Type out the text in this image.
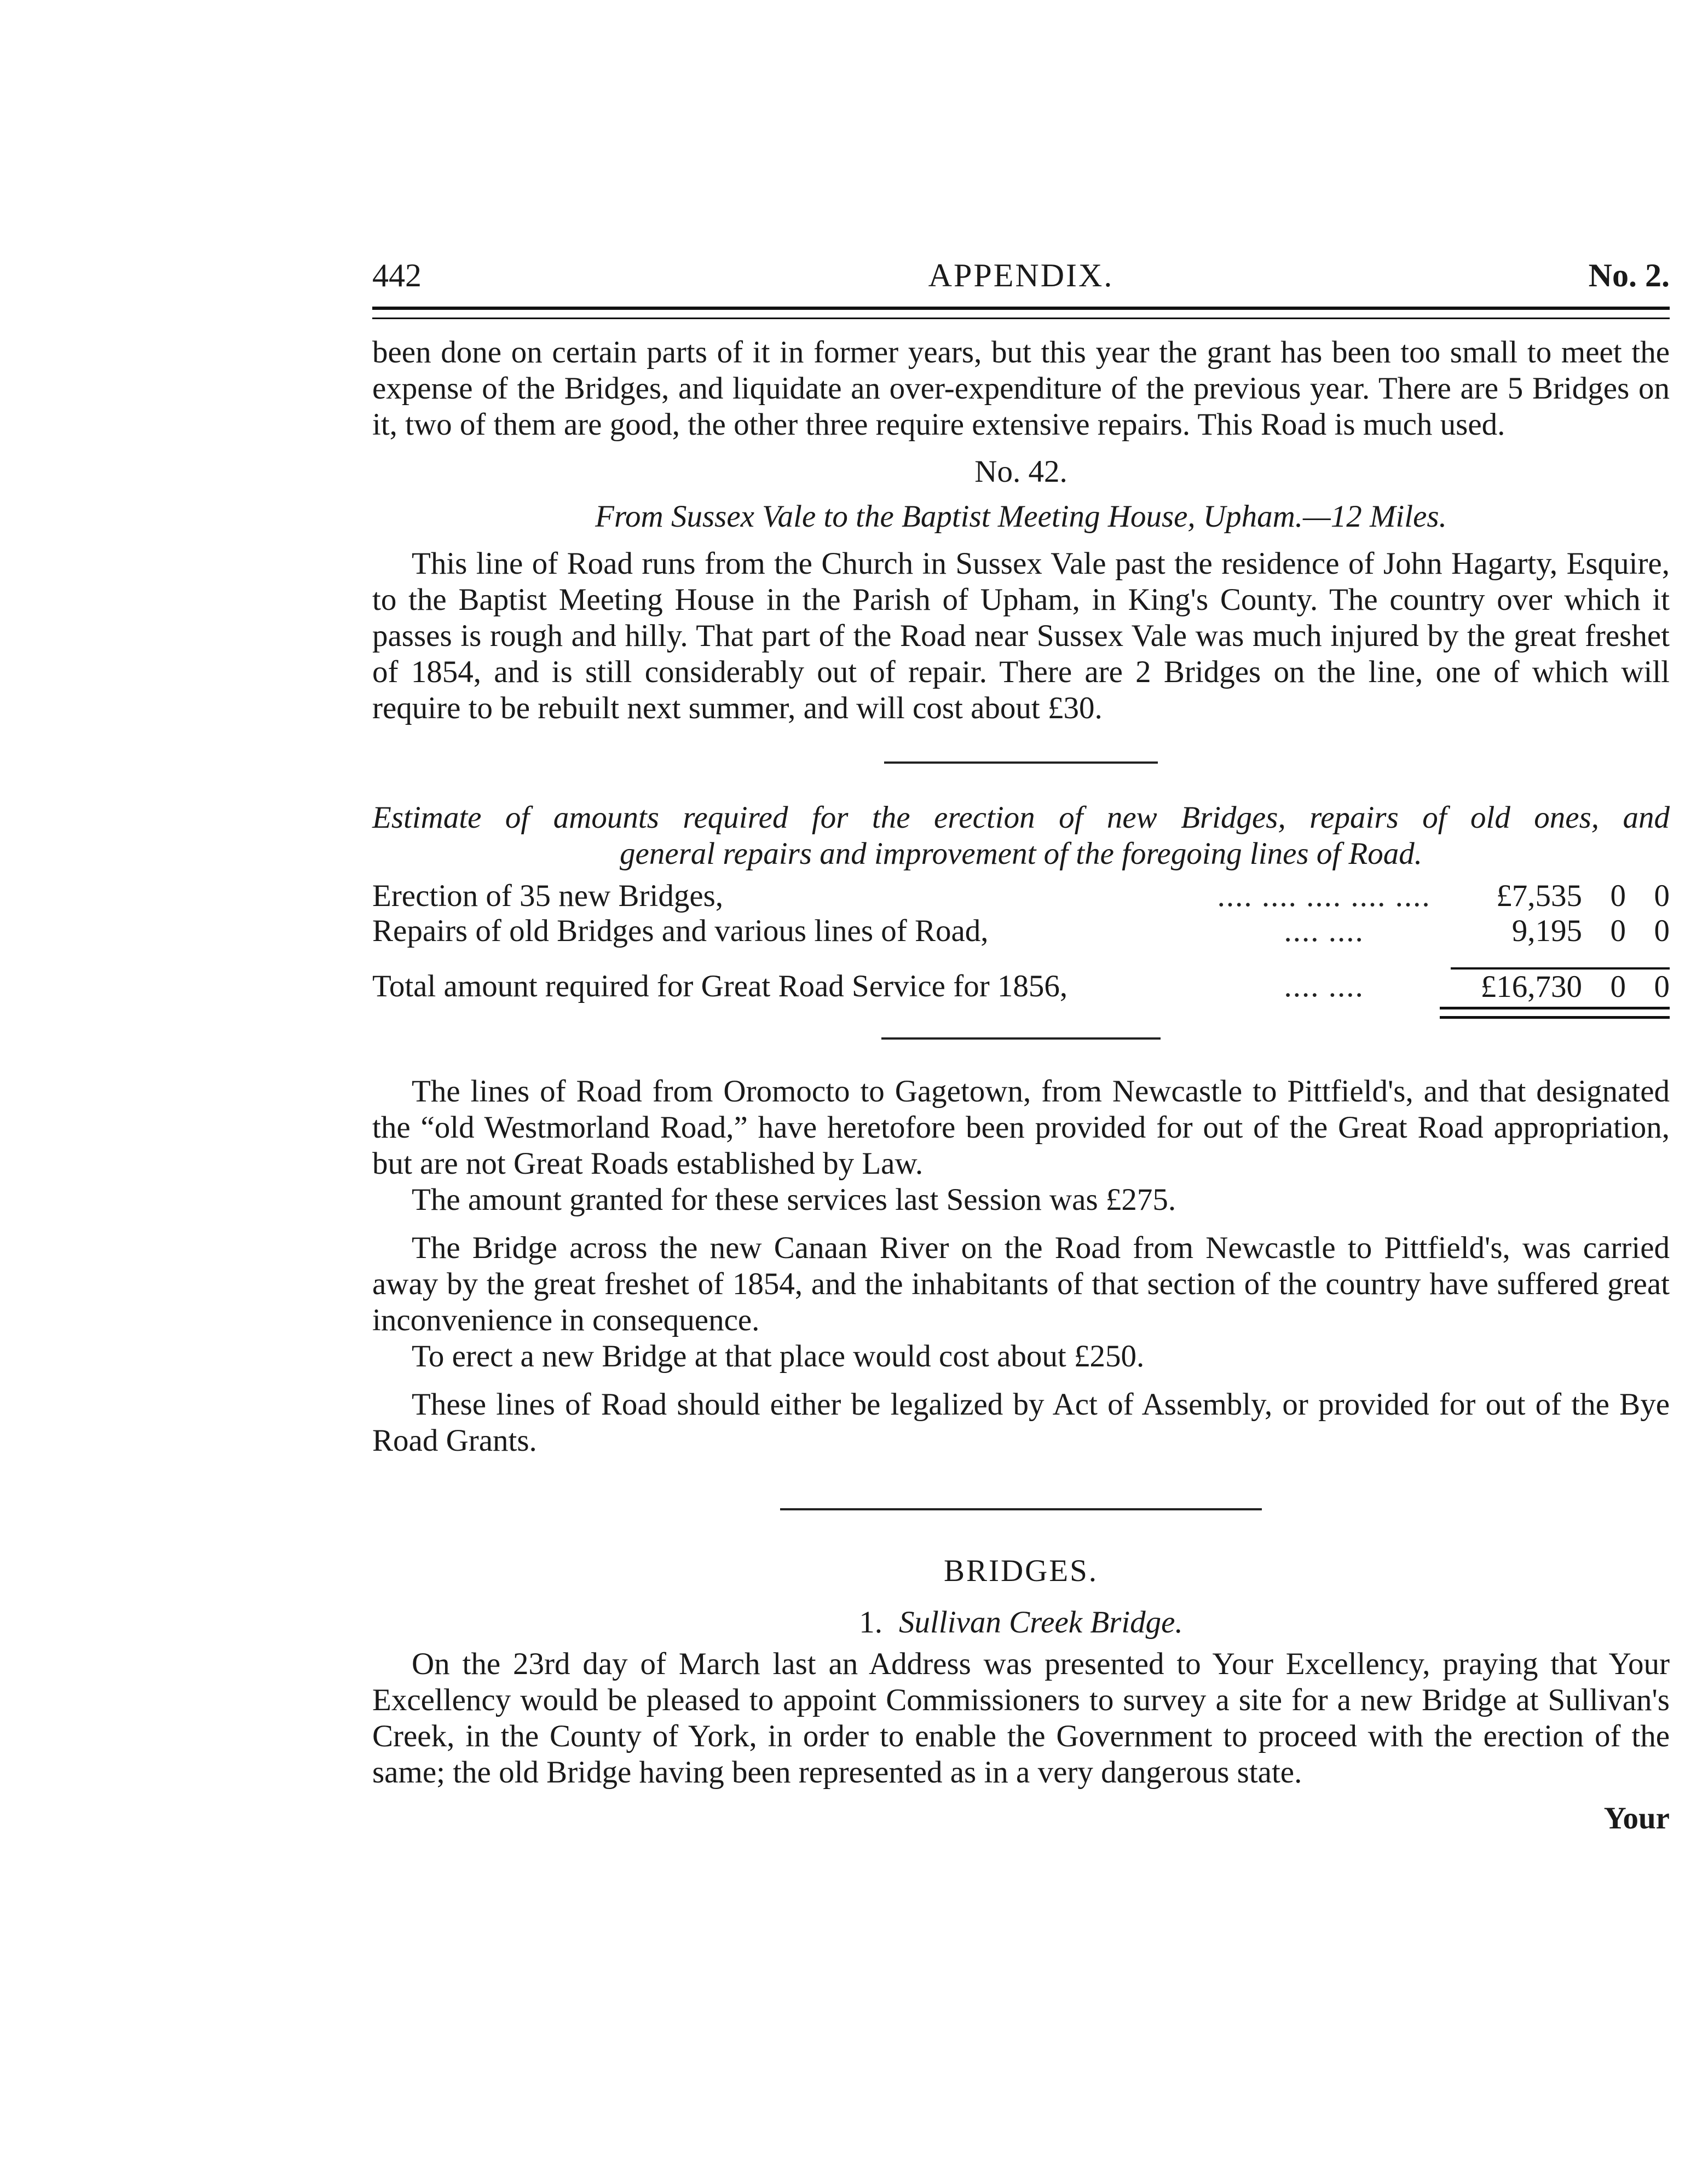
442	APPENDIX.	No. 2.

been done on certain parts of it in former years, but this year the grant has been too small to meet the expense of the Bridges, and liquidate an over-expenditure of the previous year. There are 5 Bridges on it, two of them are good, the other three require extensive repairs. This Road is much used.

No. 42.
From Sussex Vale to the Baptist Meeting House, Upham.—12 Miles.

This line of Road runs from the Church in Sussex Vale past the residence of John Hagarty, Esquire, to the Baptist Meeting House in the Parish of Upham, in King's County. The country over which it passes is rough and hilly. That part of the Road near Sussex Vale was much injured by the great freshet of 1854, and is still considerably out of repair. There are 2 Bridges on the line, one of which will require to be rebuilt next summer, and will cost about £30.

Estimate of amounts required for the erection of new Bridges, repairs of old ones, and
general repairs and improvement of the foregoing lines of Road.
Erection of 35 new Bridges,	.... .... .... .... ....	£7,535	0	0
Repairs of old Bridges and various lines of Road,	.... ....	9,195	0	0

Total amount required for Great Road Service for 1856,	.... ....	£16,730	0	0

The lines of Road from Oromocto to Gagetown, from Newcastle to Pittfield's, and that designated the “old Westmorland Road,” have heretofore been provided for out of the Great Road appropriation, but are not Great Roads established by Law.

The amount granted for these services last Session was £275.

The Bridge across the new Canaan River on the Road from Newcastle to Pittfield's, was carried away by the great freshet of 1854, and the inhabitants of that section of the country have suffered great inconvenience in consequence.

To erect a new Bridge at that place would cost about £250.

These lines of Road should either be legalized by Act of Assembly, or provided for out of the Bye Road Grants.

BRIDGES.
1. Sullivan Creek Bridge.

On the 23rd day of March last an Address was presented to Your Excellency, praying that Your Excellency would be pleased to appoint Commissioners to survey a site for a new Bridge at Sullivan's Creek, in the County of York, in order to enable the Government to proceed with the erection of the same; the old Bridge having been represented as in a very dangerous state.

Your
